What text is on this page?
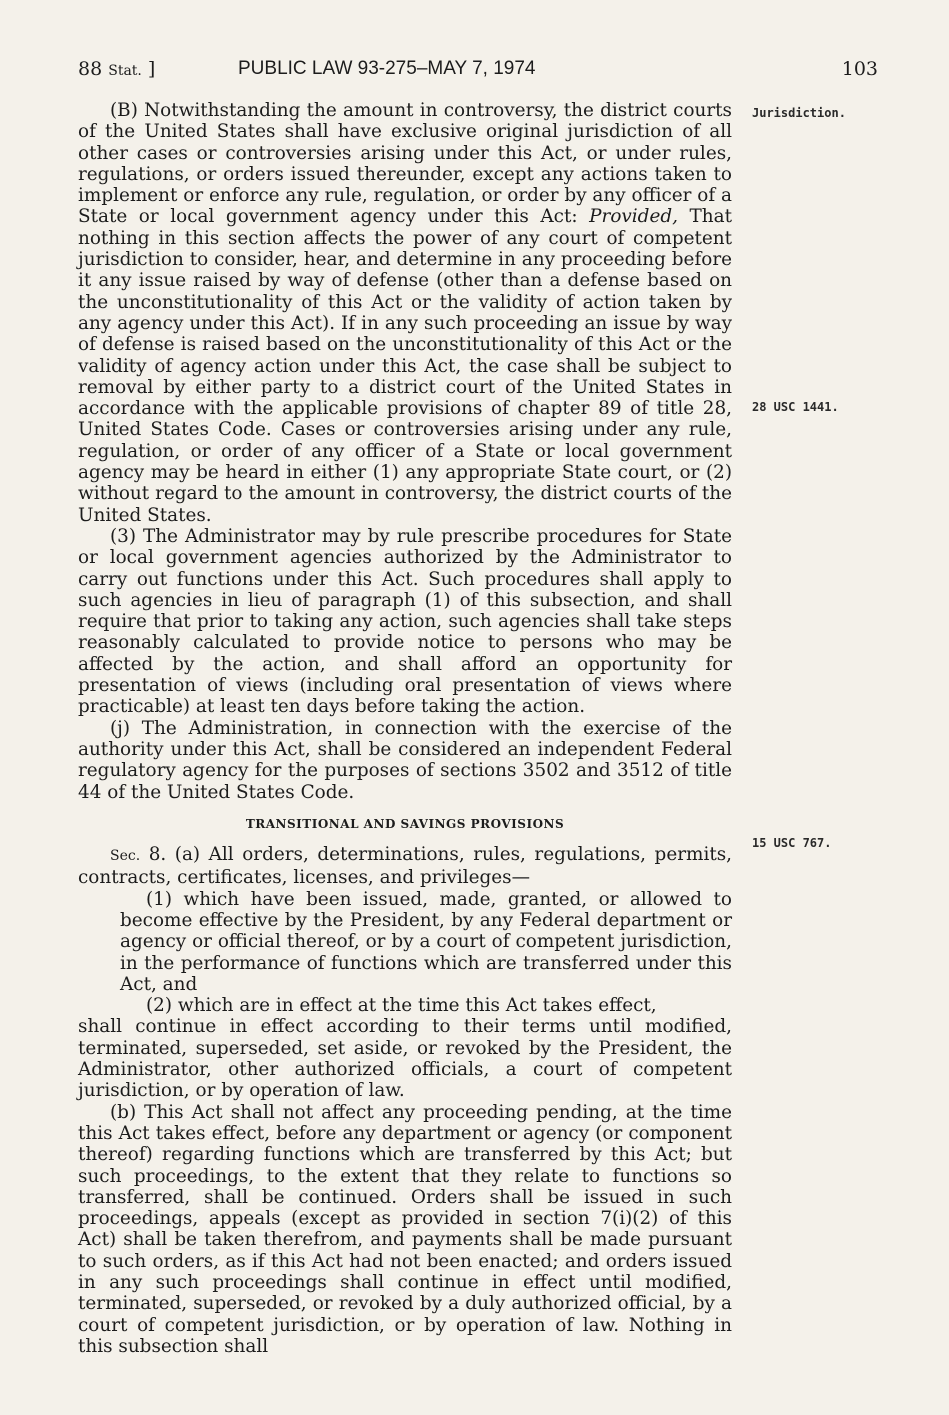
88 Stat. ]	PUBLIC LAW 93-275–MAY 7, 1974	103
Jurisdiction.
28 USC 1441.
15 USC 767.

(B) Notwithstanding the amount in controversy, the district courts of the United States shall have exclusive original jurisdiction of all other cases or controversies arising under this Act, or under rules, regulations, or orders issued thereunder, except any actions taken to implement or enforce any rule, regulation, or order by any officer of a State or local government agency under this Act: Provided, That nothing in this section affects the power of any court of competent jurisdiction to consider, hear, and determine in any proceeding before it any issue raised by way of defense (other than a defense based on the unconstitutionality of this Act or the validity of action taken by any agency under this Act). If in any such proceeding an issue by way of defense is raised based on the unconstitutionality of this Act or the validity of agency action under this Act, the case shall be subject to removal by either party to a district court of the United States in accordance with the applicable provisions of chapter 89 of title 28, United States Code. Cases or controversies arising under any rule, regulation, or order of any officer of a State or local government agency may be heard in either (1) any appropriate State court, or (2) without regard to the amount in controversy, the district courts of the United States.

(3) The Administrator may by rule prescribe procedures for State or local government agencies authorized by the Administrator to carry out functions under this Act. Such procedures shall apply to such agencies in lieu of paragraph (1) of this subsection, and shall require that prior to taking any action, such agencies shall take steps reasonably calculated to provide notice to persons who may be affected by the action, and shall afford an opportunity for presentation of views (including oral presentation of views where practicable) at least ten days before taking the action.

(j) The Administration, in connection with the exercise of the authority under this Act, shall be considered an independent Federal regulatory agency for the purposes of sections 3502 and 3512 of title 44 of the United States Code.

TRANSITIONAL AND SAVINGS PROVISIONS

Sec. 8. (a) All orders, determinations, rules, regulations, permits, contracts, certificates, licenses, and privileges—

(1) which have been issued, made, granted, or allowed to become effective by the President, by any Federal department or agency or official thereof, or by a court of competent jurisdiction, in the performance of functions which are transferred under this Act, and

(2) which are in effect at the time this Act takes effect,

shall continue in effect according to their terms until modified, terminated, superseded, set aside, or revoked by the President, the Administrator, other authorized officials, a court of competent jurisdiction, or by operation of law.

(b) This Act shall not affect any proceeding pending, at the time this Act takes effect, before any department or agency (or component thereof) regarding functions which are transferred by this Act; but such proceedings, to the extent that they relate to functions so transferred, shall be continued. Orders shall be issued in such proceedings, appeals (except as provided in section 7(i)(2) of this Act) shall be taken therefrom, and payments shall be made pursuant to such orders, as if this Act had not been enacted; and orders issued in any such proceedings shall continue in effect until modified, terminated, superseded, or revoked by a duly authorized official, by a court of competent jurisdiction, or by operation of law. Nothing in this subsection shall
